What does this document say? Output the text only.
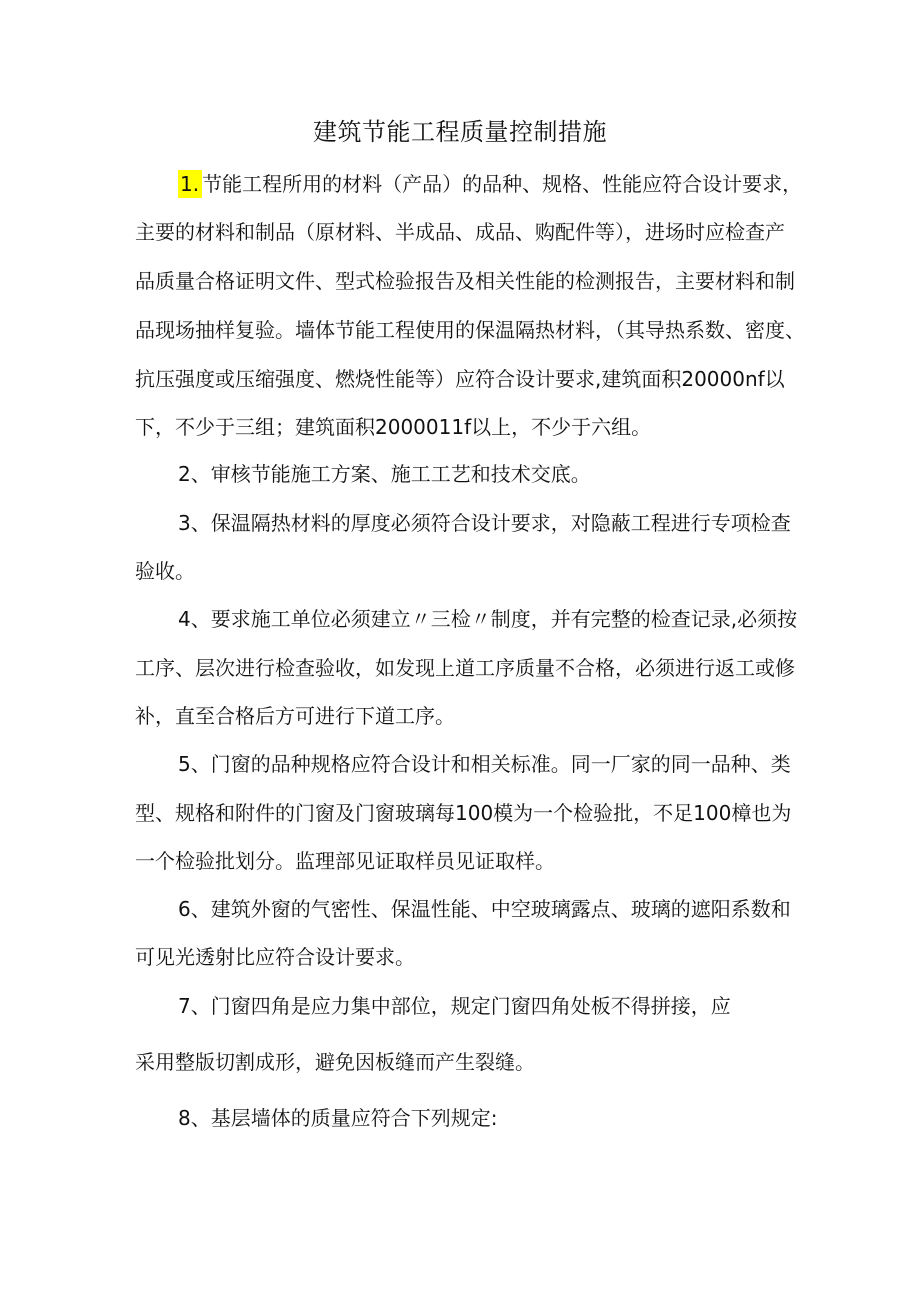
建筑节能工程质量控制措施
1. 节能工程所用的材料（产品）的品种、规格、性能应符合设计要求，
主要的材料和制品（原材料、半成品、成品、购配件等），进场时应检查产
品质量合格证明文件、型式检验报告及相关性能的检测报告，主要材料和制
品现场抽样复验。墙体节能工程使用的保温隔热材料，（其导热系数、密度、
抗压强度或压缩强度、燃烧性能等）应符合设计要求,建筑面积20000nf以
下，不少于三组；建筑面积2000011f以上，不少于六组。
2、审核节能施工方案、施工工艺和技术交底。
3、保温隔热材料的厚度必须符合设计要求，对隐蔽工程进行专项检查
验收。
4、要求施工单位必须建立〃三检〃制度，并有完整的检查记录,必须按
工序、层次进行检查验收，如发现上道工序质量不合格，必须进行返工或修
补，直至合格后方可进行下道工序。
5、门窗的品种规格应符合设计和相关标准。同一厂家的同一品种、类
型、规格和附件的门窗及门窗玻璃每100模为一个检验批，不足100樟也为
一个检验批划分。监理部见证取样员见证取样。
6、建筑外窗的气密性、保温性能、中空玻璃露点、玻璃的遮阳系数和
可见光透射比应符合设计要求。
7、门窗四角是应力集中部位，规定门窗四角处板不得拼接，应
采用整版切割成形，避免因板缝而产生裂缝。
8、基层墙体的质量应符合下列规定:
